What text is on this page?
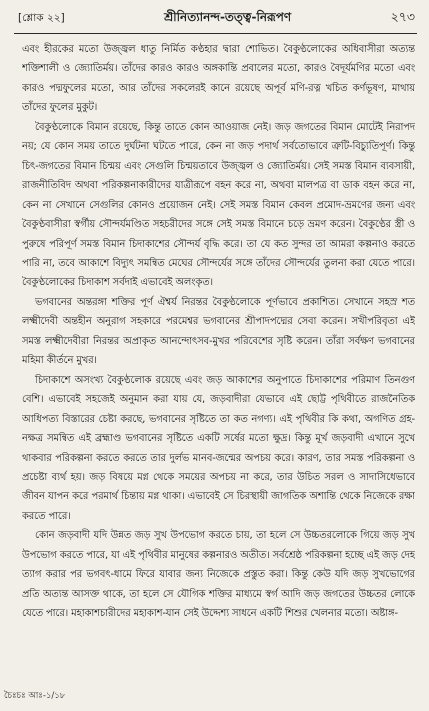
[শ্লোক ২২]	শ্রীনিত্যানন্দ-তত্ত্ব-নিরূপণ	২৭৩

এবং হীরকের মতো উজ্জ্বল ধাতু নির্মিত কণ্ঠহার দ্বারা শোভিত। বৈকুণ্ঠলোকের অধিবাসীরা অত্যন্ত শক্তিশালী ও জ্যোতির্ময়। তাঁদের কারও কারও অঙ্গকান্তি প্রবালের মতো, কারও বৈদূর্যমণির মতো এবং কারও পদ্মফুলের মতো, আর তাঁদের সকলেরই কানে রয়েছে অপূর্ব মণি-রত্ন খচিত কর্ণভূষণ, মাথায় তাঁদের ফুলের মুকুট।

বৈকুণ্ঠলোকে বিমান রয়েছে, কিন্তু তাতে কোন আওয়াজ নেই। জড় জগতের বিমান মোটেই নিরাপদ নয়; যে কোন সময় তাতে দুর্ঘটনা ঘটতে পারে, কেন না জড় পদার্থ সর্বতোভাবে ত্রুটি-বিচ্যুতিপূর্ণ। কিন্তু চিৎ-জগতের বিমান চিন্ময় এবং সেগুলি চিন্ময়তাবে উজ্জ্বল ও জ্যোতির্ময়। সেই সমস্ত বিমান ব্যবসায়ী, রাজনীতিবিদ অথবা পরিকল্পনাকারীদের যাত্রীরূপে বহন করে না, অথবা মালপত্র বা ডাক বহন করে না, কেন না সেখানে সেগুলির কোনও প্রয়োজন নেই। সেই সমস্ত বিমান কেবল প্রমোদ-ভ্রমণের জন্য এবং বৈকুণ্ঠবাসীরা স্বর্গীয় সৌন্দর্যমণ্ডিত সহচরীদের সঙ্গে সেই সমস্ত বিমানে চড়ে ভ্রমণ করেন। বৈকুণ্ঠের স্ত্রী ও পুরুষে পরিপূর্ণ সমস্ত বিমান চিদাকাশের সৌন্দর্য বৃদ্ধি করে। তা যে কত সুন্দর তা আমরা কল্পনাও করতে পারি না, তবে আকাশে বিদ্যুৎ সমন্বিত মেঘের সৌন্দর্যের সঙ্গে তাঁদের সৌন্দর্যের তুলনা করা যেতে পারে। বৈকুণ্ঠলোকের চিদাকাশ সর্বদাই এভাবেই অলংকৃত।

ভগবানের অন্তরঙ্গা শক্তির পূর্ণ ঐশ্বর্য নিরন্তর বৈকুণ্ঠলোকে পূর্ণভাবে প্রকাশিত। সেখানে সহস্র শত লক্ষ্মীদেবী অন্তহীন অনুরাগ সহকারে পরমেশ্বর ভগবানের শ্রীপাদপদ্মের সেবা করেন। সখীপরিবৃতা এই সমস্ত লক্ষ্মীদেবীরা নিরন্তর অপ্রাকৃত আনন্দোৎসব-মুখর পরিবেশের সৃষ্টি করেন। তাঁরা সর্বক্ষণ ভগবানের মহিমা কীর্তনে মুখর।

চিদাকাশে অসংখ্য বৈকুণ্ঠলোক রয়েছে এবং জড় আকাশের অনুপাতে চিদাকাশের পরিমাণ তিনগুণ বেশি। এভাবেই সহজেই অনুমান করা যায় যে, জড়বাদীরা যেভাবে এই ছোট্ট পৃথিবীতে রাজনৈতিক আধিপত্য বিস্তারের চেষ্টা করছে, ভগবানের সৃষ্টিতে তা কত নগণ্য। এই পৃথিবীর কি কথা, অগণিত গ্রহ-নক্ষত্র সমন্বিত এই ব্রহ্মাণ্ড ভগবানের সৃষ্টিতে একটি সর্ষের মতো ক্ষুদ্র। কিন্তু মূর্খ জড়বাদী এখানে সুখে থাকবার পরিকল্পনা করতে করতে তার দুর্লভ মানব-জন্মের অপচয় করে। কারণ, তার সমস্ত পরিকল্পনা ও প্রচেষ্টা ব্যর্থ হয়। জড় বিষয়ে মগ্ন থেকে সময়ের অপচয় না করে, তার উচিত সরল ও সাদাসিধেভাবে জীবন যাপন করে পরমার্থ চিন্তায় মগ্ন থাকা। এভাবেই সে চিরস্থায়ী জাগতিক অশান্তি থেকে নিজেকে রক্ষা করতে পারে।

কোন জড়বাদী যদি উন্নত জড় সুখ উপভোগ করতে চায়, তা হলে সে উচ্চতরলোকে গিয়ে জড় সুখ উপভোগ করতে পারে, যা এই পৃথিবীর মানুষের কল্পনারও অতীত। সর্বশ্রেষ্ঠ পরিকল্পনা হচ্ছে এই জড় দেহ ত্যাগ করার পর ভগবৎ-ধামে ফিরে যাবার জন্য নিজেকে প্রস্তুত করা। কিন্তু কেউ যদি জড় সুখভোগের প্রতি অত্যন্ত আসক্ত থাকে, তা হলে সে যৌগিক শক্তির মাধ্যমে স্বর্গ আদি জড় জগতের উচ্চতর লোকে যেতে পারে। মহাকাশচারীদের মহাকাশ-যান সেই উদ্দেশ্য সাধনে একটি শিশুর খেলনার মতো। অষ্টাঙ্গ-

চৈঃচঃ আঃ-১/১৮
